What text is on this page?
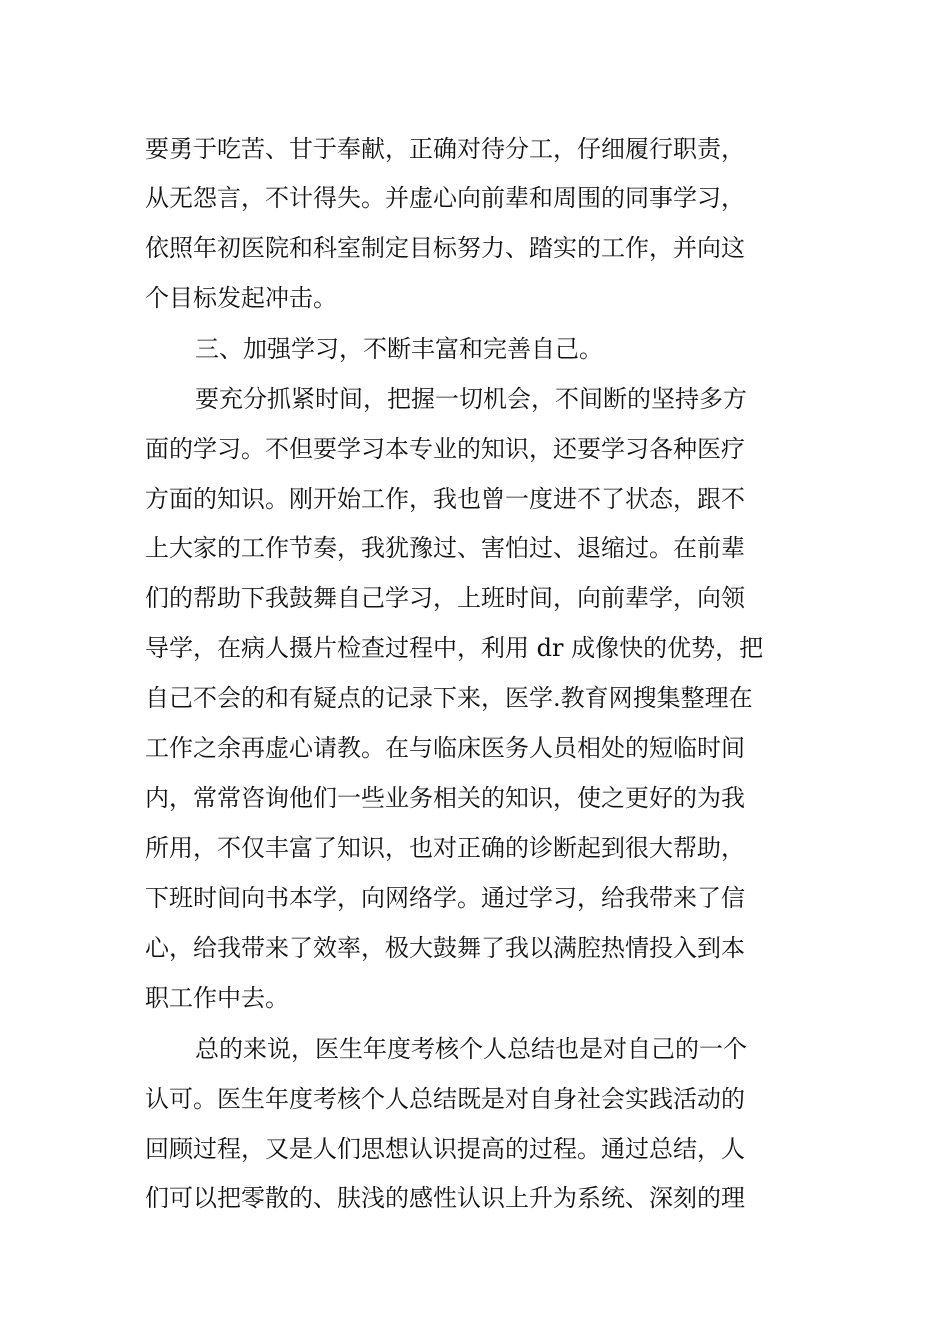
要勇于吃苦、甘于奉献，正确对待分工，仔细履行职责，
从无怨言，不计得失。并虚心向前辈和周围的同事学习，
依照年初医院和科室制定目标努力、踏实的工作，并向这
个目标发起冲击。
三、加强学习，不断丰富和完善自己。
要充分抓紧时间，把握一切机会，不间断的坚持多方
面的学习。不但要学习本专业的知识，还要学习各种医疗
方面的知识。刚开始工作，我也曾一度进不了状态，跟不
上大家的工作节奏，我犹豫过、害怕过、退缩过。在前辈
们的帮助下我鼓舞自己学习，上班时间，向前辈学，向领
导学，在病人摄片检查过程中，利用 dr 成像快的优势，把
自己不会的和有疑点的记录下来，医学.教育网搜集整理在
工作之余再虚心请教。在与临床医务人员相处的短临时间
内，常常咨询他们一些业务相关的知识，使之更好的为我
所用，不仅丰富了知识，也对正确的诊断起到很大帮助，
下班时间向书本学，向网络学。通过学习，给我带来了信
心，给我带来了效率，极大鼓舞了我以满腔热情投入到本
职工作中去。
总的来说，医生年度考核个人总结也是对自己的一个
认可。医生年度考核个人总结既是对自身社会实践活动的
回顾过程，又是人们思想认识提高的过程。通过总结，人
们可以把零散的、肤浅的感性认识上升为系统、深刻的理
